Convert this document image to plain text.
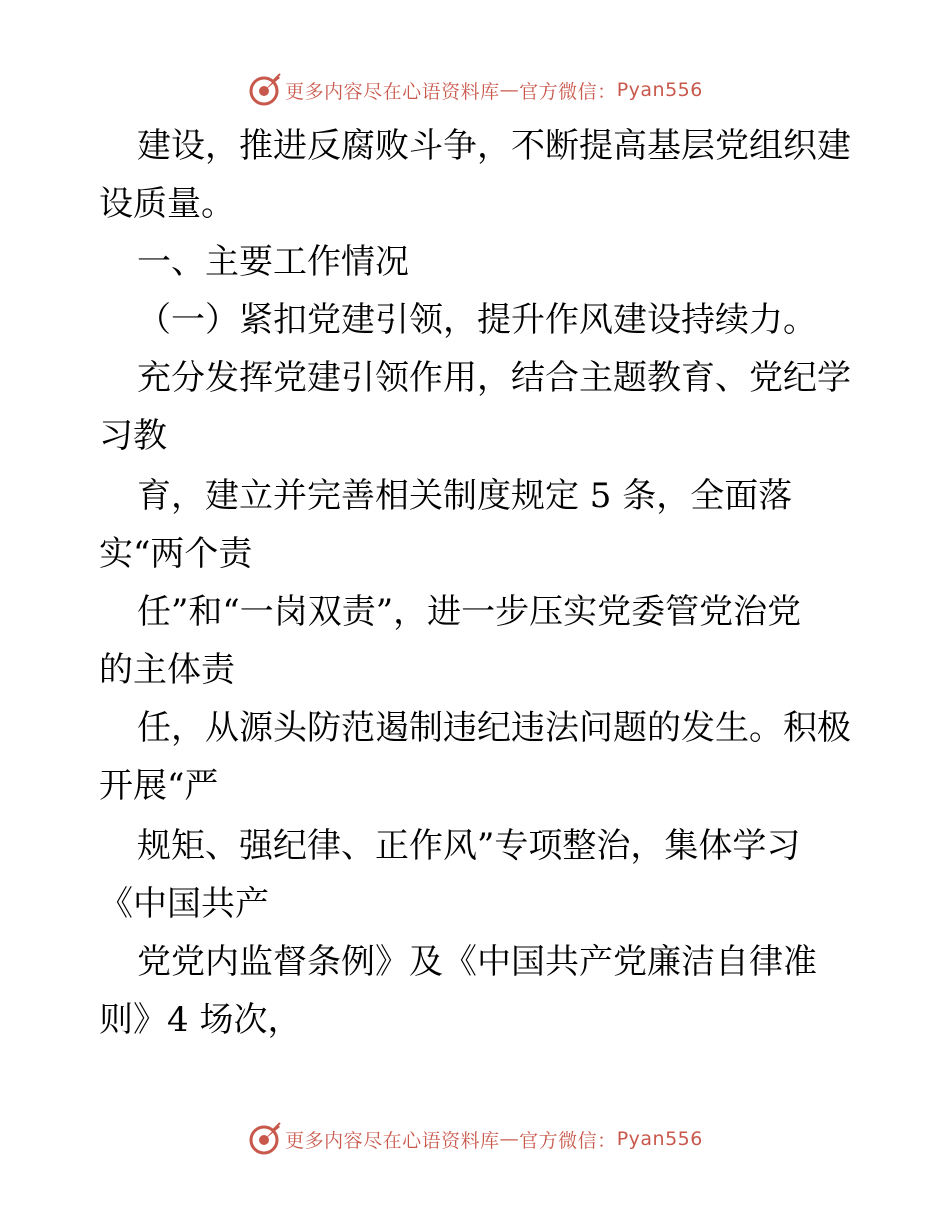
更多内容尽在心语资料库 — 官方微信： Pyan556
建设，推进反腐败斗争，不断提高基层党组织建
设质量。
一、主要工作情况
（一）紧扣党建引领，提升作风建设持续力。
充分发挥党建引领作用，结合主题教育、党纪学
习教
育，建立并完善相关制度规定 5 条，全面落
实“两个责
任”和“一岗双责”，进一步压实党委管党治党
的主体责
任，从源头防范遏制违纪违法问题的发生。积极
开展“严
规矩、强纪律、正作风”专项整治，集体学习
《中国共产
党党内监督条例》及《中国共产党廉洁自律准
则》4 场次，
更多内容尽在心语资料库 — 官方微信： Pyan556
